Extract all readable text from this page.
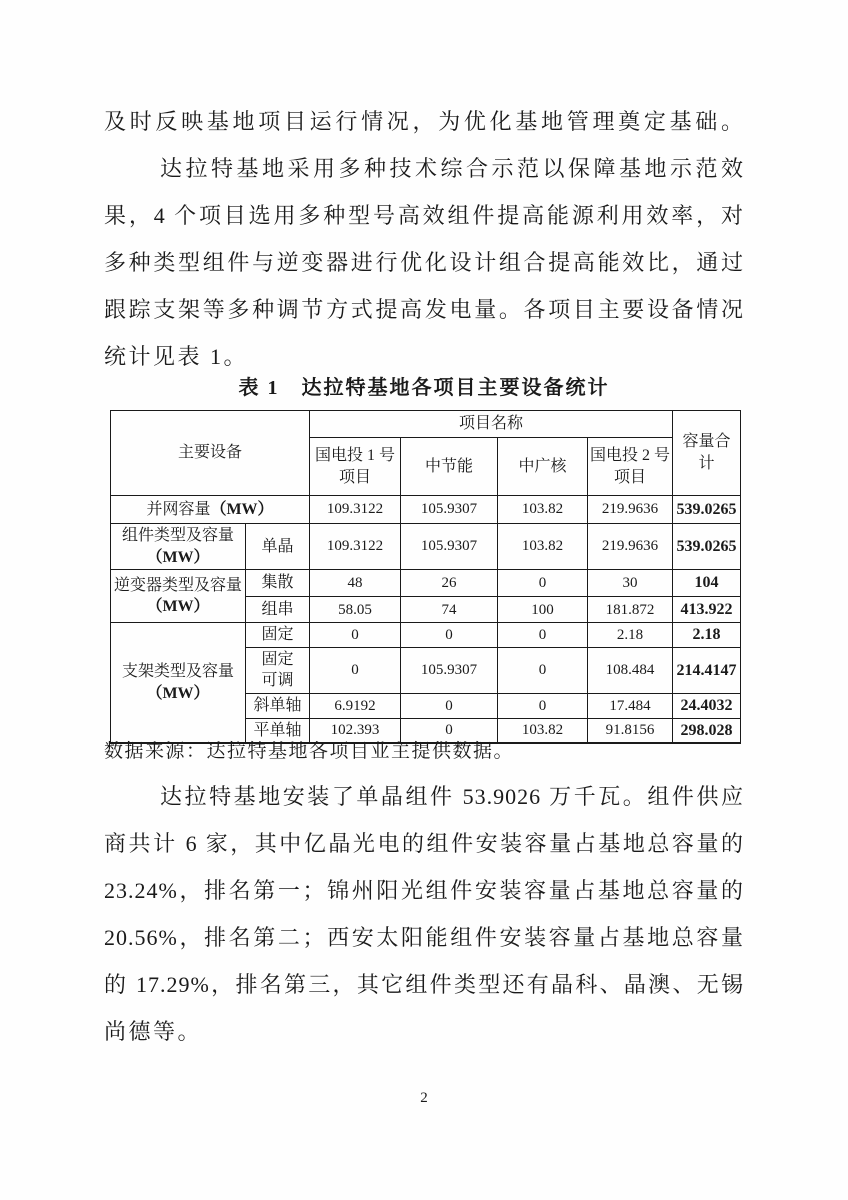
及时反映基地项目运行情况，为优化基地管理奠定基础。
达拉特基地采用多种技术综合示范以保障基地示范效
果，4 个项目选用多种型号高效组件提高能源利用效率，对
多种类型组件与逆变器进行优化设计组合提高能效比，通过
跟踪支架等多种调节方式提高发电量。各项目主要设备情况
统计见表 1。
达拉特基地安装了单晶组件 53.9026 万千瓦。组件供应
商共计 6 家，其中亿晶光电的组件安装容量占基地总容量的
23.24%，排名第一；锦州阳光组件安装容量占基地总容量的
20.56%，排名第二；西安太阳能组件安装容量占基地总容量
的 17.29%，排名第三，其它组件类型还有晶科、晶澳、无锡
尚德等。
表 1　达拉特基地各项目主要设备统计
主要设备		项目名称				容量合计
		国电投 1 号
项目	中节能	中广核	国电投 2 号
项目	
并网容量（MW）		109.3122	105.9307	103.82	219.9636	539.0265
组件类型及容量
（MW）	单晶	109.3122	105.9307	103.82	219.9636	539.0265
逆变器类型及容量
（MW）	集散	48	26	0	30	104
	组串	58.05	74	100	181.872	413.922
支架类型及容量
（MW）	固定	0	0	0	2.18	2.18
	固定
可调	0	105.9307	0	108.484	214.4147
	斜单轴	6.9192	0	0	17.484	24.4032
	平单轴	102.393	0	103.82	91.8156	298.028
数据来源：达拉特基地各项目业主提供数据。
2
